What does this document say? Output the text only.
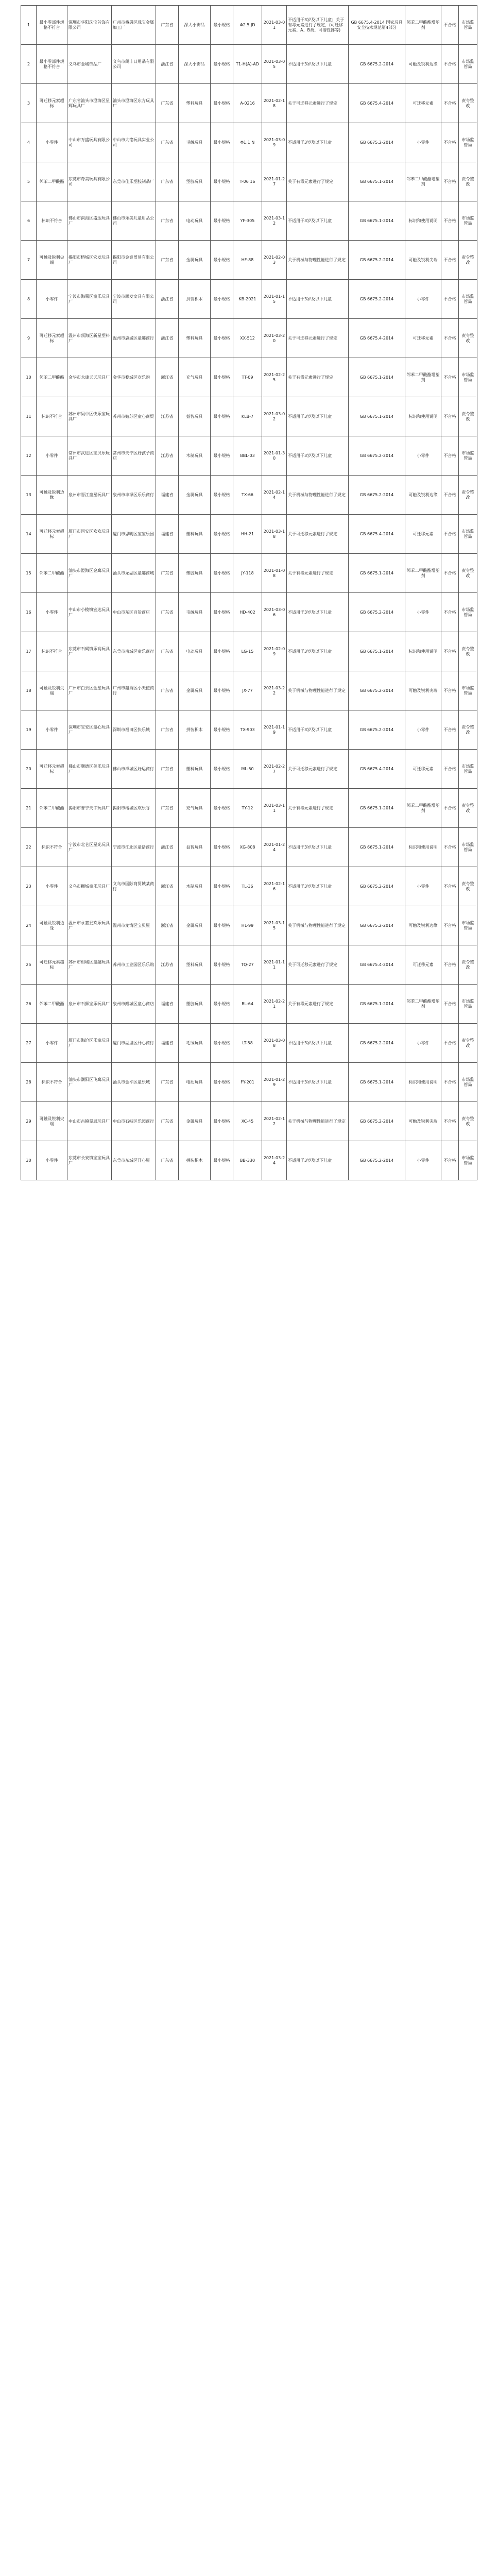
1	最小零部件规格不符合	深圳市华阳珠宝首饰有限公司	广州市番禺区珠宝金属加工厂	广东省	深大小饰品	最小规格	Φ2.5 JD	2021-03-01	不适用于3岁及以下儿童；关于有毒元素进行了规定，(可迁移元素、A、B类、可溶性锑等)	GB 6675.4-2014 国家玩具安全技术规范第4部分	邻苯二甲酸酯增塑剂	不合格	市场监管局
2	最小零部件规格不符合	义乌市金城饰品厂	义乌市朗丰日用品有限公司	浙江省	深大小饰品	最小规格	T1-H(A)-AD	2021-03-05	不适用于3岁及以下儿童	GB 6675.2-2014	可触及锐利边缘	不合格	市场监管局
3	可迁移元素超标	广东省汕头市澄海区星辉玩具厂	汕头市澄海区东方玩具厂	广东省	塑料玩具	最小规格	A-0216	2021-02-18	关于可迁移元素进行了规定	GB 6675.4-2014	可迁移元素	不合格	责令整改
4	小零件	中山市万盛玩具有限公司	中山市大铭玩具实业公司	广东省	毛绒玩具	最小规格	Φ1.1 N	2021-03-09	不适用于3岁及以下儿童	GB 6675.2-2014	小零件	不合格	市场监管局
5	邻苯二甲酸酯	东莞市奇美玩具有限公司	东莞市佳乐塑胶制品厂	广东省	塑胶玩具	最小规格	T-06 16	2021-01-27	关于有毒元素进行了规定	GB 6675.1-2014	邻苯二甲酸酯增塑剂	不合格	责令整改
6	标识不符合	佛山市南海区盛达玩具厂	佛山市乐美儿童用品公司	广东省	电动玩具	最小规格	YF-305	2021-03-12	不适用于3岁及以下儿童	GB 6675.1-2014	标识和使用说明	不合格	市场监管局
7	可触及锐利尖端	揭阳市榕城区宏发玩具厂	揭阳市金泰贸易有限公司	广东省	金属玩具	最小规格	HF-88	2021-02-03	关于机械与物理性能进行了规定	GB 6675.2-2014	可触及锐利尖端	不合格	责令整改
8	小零件	宁波市海曙区童乐玩具厂	宁波市顺发文具有限公司	浙江省	拼装积木	最小规格	KB-2021	2021-01-15	不适用于3岁及以下儿童	GB 6675.2-2014	小零件	不合格	市场监管局
9	可迁移元素超标	温州市瓯海区新星塑料厂	温州市鹿城区童趣商行	浙江省	塑料玩具	最小规格	XX-512	2021-03-20	关于可迁移元素进行了规定	GB 6675.4-2014	可迁移元素	不合格	责令整改
10	邻苯二甲酸酯	金华市永康天天玩具厂	金华市婺城区欢乐购	浙江省	充气玩具	最小规格	TT-09	2021-02-25	关于有毒元素进行了规定	GB 6675.1-2014	邻苯二甲酸酯增塑剂	不合格	市场监管局
11	标识不符合	苏州市吴中区快乐宝玩具厂	苏州市姑苏区童心商贸	江苏省	益智玩具	最小规格	KLB-7	2021-03-02	不适用于3岁及以下儿童	GB 6675.1-2014	标识和使用说明	不合格	责令整改
12	小零件	常州市武进区宝贝乐玩具厂	常州市天宁区好孩子商店	江苏省	木制玩具	最小规格	BBL-03	2021-01-30	不适用于3岁及以下儿童	GB 6675.2-2014	小零件	不合格	市场监管局
13	可触及锐利边缘	泉州市晋江童星玩具厂	泉州市丰泽区乐乐商行	福建省	金属玩具	最小规格	TX-66	2021-02-14	关于机械与物理性能进行了规定	GB 6675.2-2014	可触及锐利边缘	不合格	责令整改
14	可迁移元素超标	厦门市同安区欢欢玩具厂	厦门市思明区宝宝乐园	福建省	塑料玩具	最小规格	HH-21	2021-03-18	关于可迁移元素进行了规定	GB 6675.4-2014	可迁移元素	不合格	市场监管局
15	邻苯二甲酸酯	汕头市澄海区金鹰玩具厂	汕头市龙湖区童趣商城	广东省	塑胶玩具	最小规格	JY-118	2021-01-08	关于有毒元素进行了规定	GB 6675.1-2014	邻苯二甲酸酯增塑剂	不合格	责令整改
16	小零件	中山市小榄镇宏达玩具厂	中山市东区百货商店	广东省	毛绒玩具	最小规格	HD-402	2021-03-06	不适用于3岁及以下儿童	GB 6675.2-2014	小零件	不合格	市场监管局
17	标识不符合	东莞市石碣镇乐高玩具厂	东莞市南城区童乐商行	广东省	电动玩具	最小规格	LG-15	2021-02-09	不适用于3岁及以下儿童	GB 6675.1-2014	标识和使用说明	不合格	责令整改
18	可触及锐利尖端	广州市白云区金星玩具厂	广州市越秀区小天使商行	广东省	金属玩具	最小规格	JX-77	2021-03-22	关于机械与物理性能进行了规定	GB 6675.2-2014	可触及锐利尖端	不合格	市场监管局
19	小零件	深圳市宝安区童心玩具厂	深圳市福田区快乐城	广东省	拼装积木	最小规格	TX-903	2021-01-19	不适用于3岁及以下儿童	GB 6675.2-2014	小零件	不合格	责令整改
20	可迁移元素超标	佛山市顺德区美乐玩具厂	佛山市禅城区好运商行	广东省	塑料玩具	最小规格	ML-50	2021-02-27	关于可迁移元素进行了规定	GB 6675.4-2014	可迁移元素	不合格	市场监管局
21	邻苯二甲酸酯	揭阳市普宁天宇玩具厂	揭阳市榕城区欢乐谷	广东省	充气玩具	最小规格	TY-12	2021-03-11	关于有毒元素进行了规定	GB 6675.1-2014	邻苯二甲酸酯增塑剂	不合格	责令整改
22	标识不符合	宁波市北仑区星光玩具厂	宁波市江北区童话商行	浙江省	益智玩具	最小规格	XG-808	2021-01-24	不适用于3岁及以下儿童	GB 6675.1-2014	标识和使用说明	不合格	市场监管局
23	小零件	义乌市稠城童乐玩具厂	义乌市国际商贸城某商行	浙江省	木制玩具	最小规格	TL-36	2021-02-16	不适用于3岁及以下儿童	GB 6675.2-2014	小零件	不合格	责令整改
24	可触及锐利边缘	温州市永嘉县欢乐玩具厂	温州市龙湾区宝贝屋	浙江省	金属玩具	最小规格	HL-99	2021-03-15	关于机械与物理性能进行了规定	GB 6675.2-2014	可触及锐利边缘	不合格	市场监管局
25	可迁移元素超标	苏州市相城区童趣玩具厂	苏州市工业园区乐乐购	江苏省	塑料玩具	最小规格	TQ-27	2021-01-11	关于可迁移元素进行了规定	GB 6675.4-2014	可迁移元素	不合格	责令整改
26	邻苯二甲酸酯	泉州市石狮宝乐玩具厂	泉州市鲤城区童心商店	福建省	塑胶玩具	最小规格	BL-64	2021-02-21	关于有毒元素进行了规定	GB 6675.1-2014	邻苯二甲酸酯增塑剂	不合格	市场监管局
27	小零件	厦门市海沧区乐童玩具厂	厦门市湖里区开心商行	福建省	毛绒玩具	最小规格	LT-58	2021-03-08	不适用于3岁及以下儿童	GB 6675.2-2014	小零件	不合格	责令整改
28	标识不符合	汕头市潮阳区飞鹰玩具厂	汕头市金平区童乐城	广东省	电动玩具	最小规格	FY-201	2021-01-29	不适用于3岁及以下儿童	GB 6675.1-2014	标识和使用说明	不合格	市场监管局
29	可触及锐利尖端	中山市古镇星辰玩具厂	中山市石岐区乐园商行	广东省	金属玩具	最小规格	XC-45	2021-02-12	关于机械与物理性能进行了规定	GB 6675.2-2014	可触及锐利尖端	不合格	责令整改
30	小零件	东莞市长安镇宝宝玩具厂	东莞市东城区开心屋	广东省	拼装积木	最小规格	BB-330	2021-03-24	不适用于3岁及以下儿童	GB 6675.2-2014	小零件	不合格	市场监管局
